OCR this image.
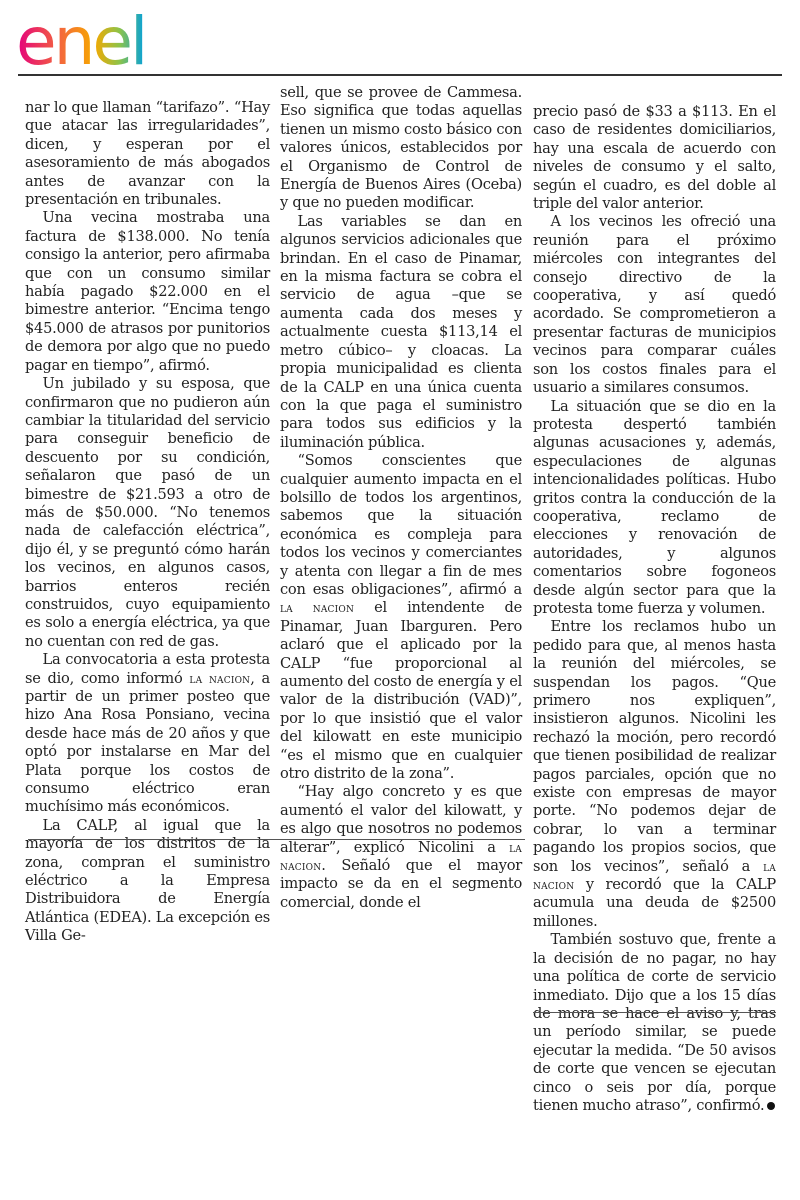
enel

nar lo que llaman “tarifazo”. “Hay que atacar las irregularidades”, dicen, y esperan por el asesoramiento de más abogados antes de avanzar con la presentación en tribunales.

Una vecina mostraba una factura de $138.000. No tenía consigo la anterior, pero afirmaba que con un consumo similar había pagado $22.000 en el bimestre anterior. “Encima tengo $45.000 de atrasos por punitorios de demora por algo que no puedo pagar en tiempo”, afirmó.

Un jubilado y su esposa, que confirmaron que no pudieron aún cambiar la titularidad del servicio para conseguir beneficio de descuento por su condición, señalaron que pasó de un bimestre de $21.593 a otro de más de $50.000. “No tenemos nada de calefacción eléctrica”, dijo él, y se preguntó cómo harán los vecinos, en algunos casos, barrios enteros recién construidos, cuyo equipamiento es solo a energía eléctrica, ya que no cuentan con red de gas.

La convocatoria a esta protesta se dio, como informó la nacion, a partir de un primer posteo que hizo Ana Rosa Ponsiano, vecina desde hace más de 20 años y que optó por instalarse en Mar del Plata porque los costos de consumo eléctrico eran muchísimo más económicos.

La CALP, al igual que la mayoría de los distritos de la zona, compran el suministro eléctrico a la Empresa Distribuidora de Energía Atlántica (EDEA). La excepción es Villa Ge-

sell, que se provee de Cammesa. Eso significa que todas aquellas tienen un mismo costo básico con valores únicos, establecidos por el Organismo de Control de Energía de Buenos Aires (Oceba) y que no pueden modificar.

Las variables se dan en algunos servicios adicionales que brindan. En el caso de Pinamar, en la misma factura se cobra el servicio de agua –que se aumenta cada dos meses y actualmente cuesta $113,14 el metro cúbico– y cloacas. La propia municipalidad es clienta de la CALP en una única cuenta con la que paga el suministro para todos sus edificios y la iluminación pública.

“Somos conscientes que cualquier aumento impacta en el bolsillo de todos los argentinos, sabemos que la situación económica es compleja para todos los vecinos y comerciantes y atenta con llegar a fin de mes con esas obligaciones”, afirmó a la nacion el intendente de Pinamar, Juan Ibarguren. Pero aclaró que el aplicado por la CALP “fue proporcional al aumento del costo de energía y el valor de la distribución (VAD)”, por lo que insistió que el valor del kilowatt en este municipio “es el mismo que en cualquier otro distrito de la zona”.

“Hay algo concreto y es que aumentó el valor del kilowatt, y es algo que nosotros no podemos alterar”, explicó Nicolini a la nacion. Señaló que el mayor impacto se da en el segmento comercial, donde el

precio pasó de $33 a $113. En el caso de residentes domiciliarios, hay una escala de acuerdo con niveles de consumo y el salto, según el cuadro, es del doble al triple del valor anterior.

A los vecinos les ofreció una reunión para el próximo miércoles con integrantes del consejo directivo de la cooperativa, y así quedó acordado. Se comprometieron a presentar facturas de municipios vecinos para comparar cuáles son los costos finales para el usuario a similares consumos.

La situación que se dio en la protesta despertó también algunas acusaciones y, además, especulaciones de algunas intencionalidades políticas. Hubo gritos contra la conducción de la cooperativa, reclamo de elecciones y renovación de autoridades, y algunos comentarios sobre fogoneos desde algún sector para que la protesta tome fuerza y volumen.

Entre los reclamos hubo un pedido para que, al menos hasta la reunión del miércoles, se suspendan los pagos. “Que primero nos expliquen”, insistieron algunos. Nicolini les rechazó la moción, pero recordó que tienen posibilidad de realizar pagos parciales, opción que no existe con empresas de mayor porte. “No podemos dejar de cobrar, lo van a terminar pagando los propios socios, que son los vecinos”, señaló a la nacion y recordó que la CALP acumula una deuda de $2500 millones.

También sostuvo que, frente a la decisión de no pagar, no hay una política de corte de servicio inmediato. Dijo que a los 15 días de mora se hace el aviso y, tras un período similar, se puede ejecutar la medida. “De 50 avisos de corte que vencen se ejecutan cinco o seis por día, porque tienen mucho atraso”, confirmó.
